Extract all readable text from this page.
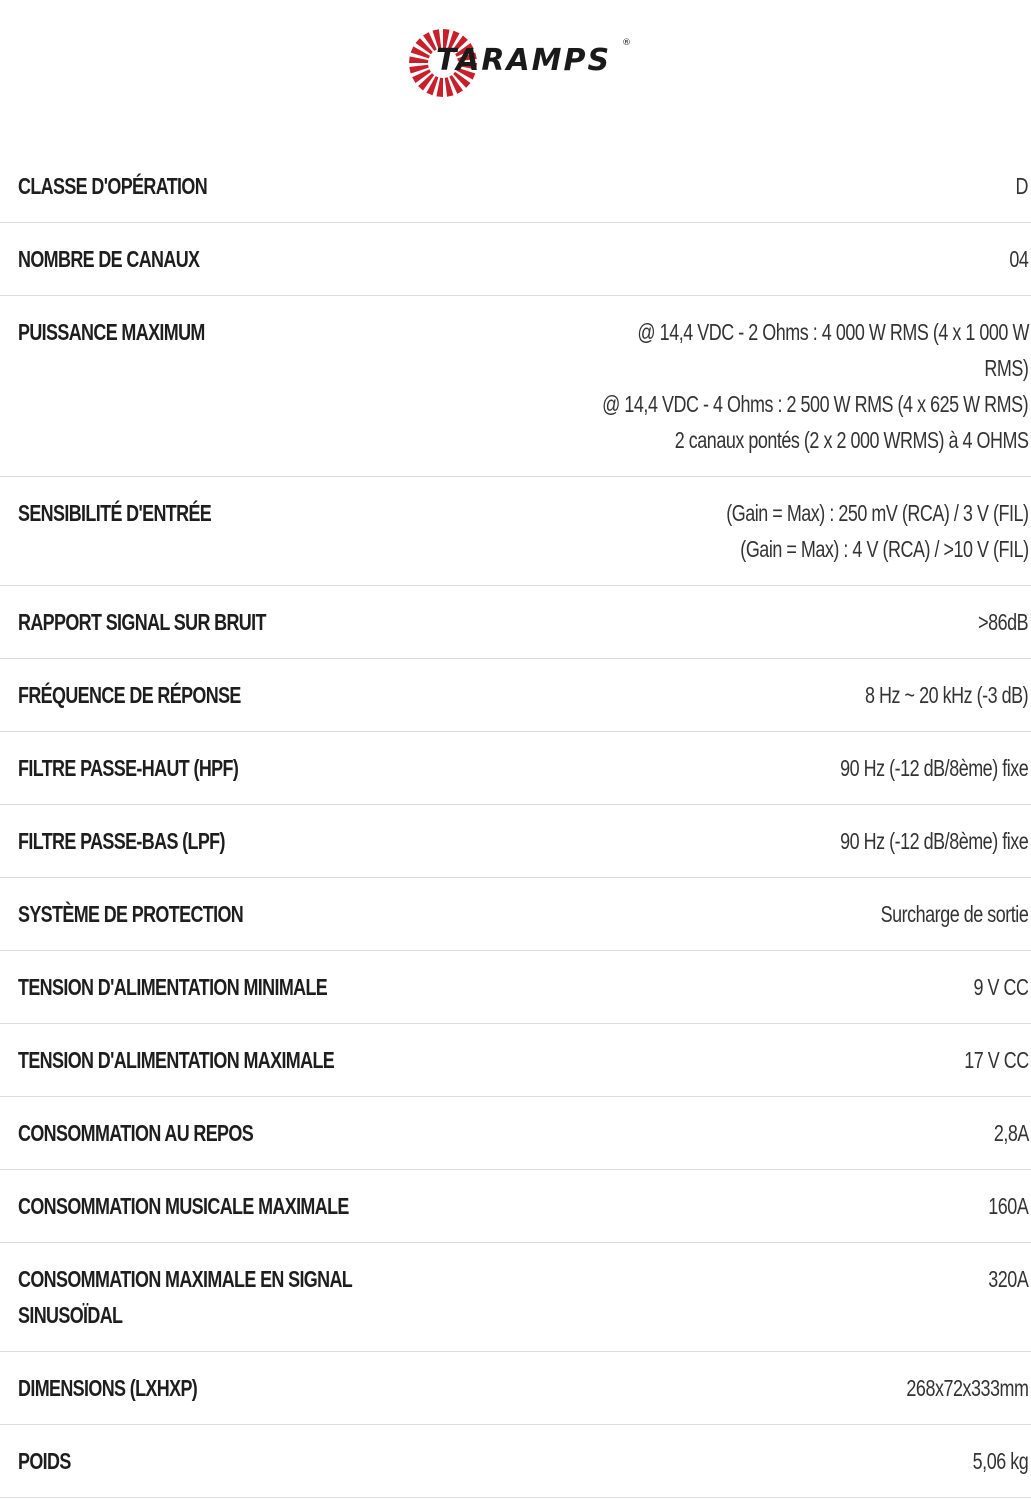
TARAMPS ®
CLASSE D'OPÉRATION	D

NOMBRE DE CANAUX	04

PUISSANCE MAXIMUM	@ 14,4 VDC - 2 Ohms : 4 000 W RMS (4 x 1 000 W
RMS)
@ 14,4 VDC - 4 Ohms : 2 500 W RMS (4 x 625 W RMS)
2 canaux pontés (2 x 2 000 WRMS) à 4 OHMS

SENSIBILITÉ D'ENTRÉE	(Gain = Max) : 250 mV (RCA) / 3 V (FIL)
(Gain = Max) : 4 V (RCA) / >10 V (FIL)

RAPPORT SIGNAL SUR BRUIT	>86dB

FRÉQUENCE DE RÉPONSE	8 Hz ~ 20 kHz (-3 dB)

FILTRE PASSE-HAUT (HPF)	90 Hz (-12 dB/8ème) fixe

FILTRE PASSE-BAS (LPF)	90 Hz (-12 dB/8ème) fixe

SYSTÈME DE PROTECTION	Surcharge de sortie

TENSION D'ALIMENTATION MINIMALE	9 V CC

TENSION D'ALIMENTATION MAXIMALE	17 V CC

CONSOMMATION AU REPOS	2,8A

CONSOMMATION MUSICALE MAXIMALE	160A

CONSOMMATION MAXIMALE EN SIGNAL
SINUSOÏDAL	320A

DIMENSIONS (LXHXP)	268x72x333mm

POIDS	5,06 kg
